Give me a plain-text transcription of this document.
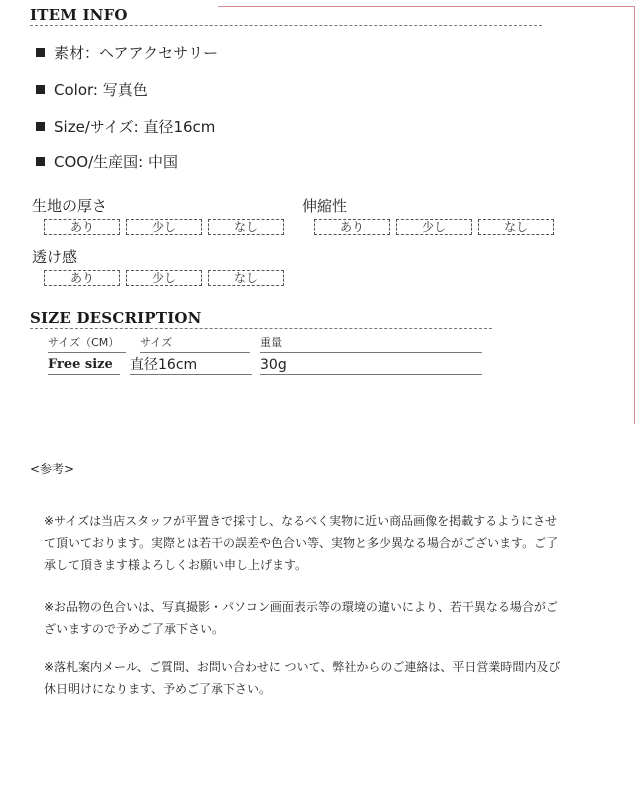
ITEM INFO
素材：ヘアアクセサリー
Color: 写真色
Size/サイズ: 直径16cm
COO/生産国: 中国
生地の厚さ
あり	少し	なし
伸縮性
あり	少し	なし
透け感
あり	少し	なし
SIZE DESCRIPTION
サイズ（CM）	サイズ	重量
Free size	直径16cm	30g
<参考>

※サイズは当店スタッフが平置きで採寸し、なるべく実物に近い商品画像を掲載するようにさせて頂いております。実際とは若干の誤差や色合い等、実物と多少異なる場合がございます。ご了承して頂きます様よろしくお願い申し上げます。

※お品物の色合いは、写真撮影・パソコン画面表示等の環境の違いにより、若干異なる場合がございますので予めご了承下さい。

※落札案内メール、ご質問、お問い合わせに ついて、弊社からのご連絡は、平日営業時間内及び休日明けになります、予めご了承下さい。
